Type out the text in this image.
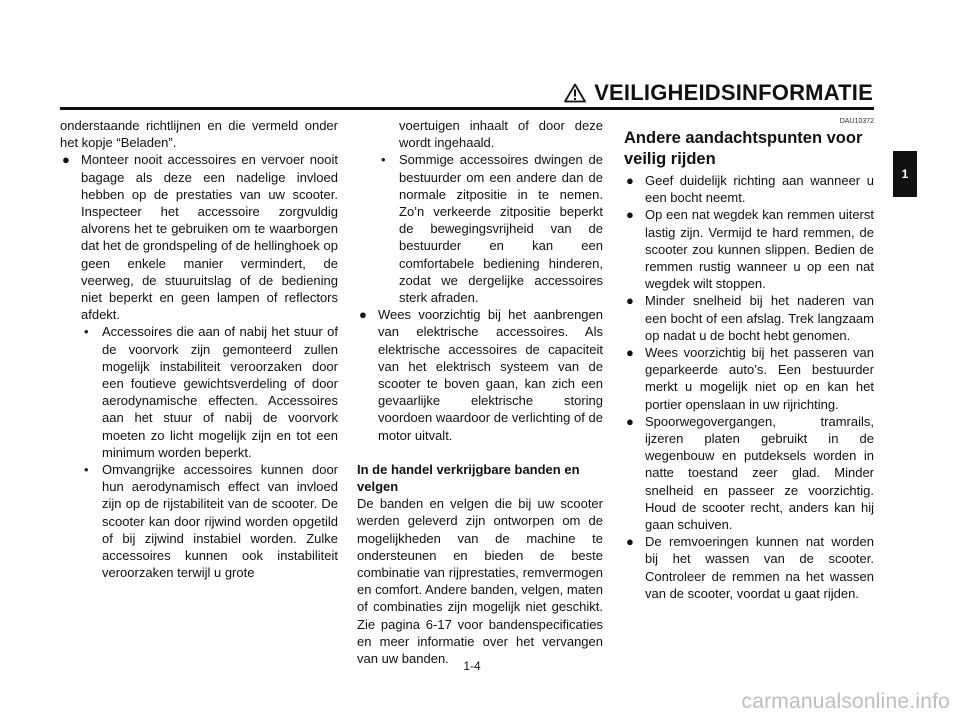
VEILIGHEIDSINFORMATIE

onderstaande richtlijnen en die vermeld onder het kopje “Beladen”.

● Monteer nooit accessoires en vervoer nooit bagage als deze een nadelige invloed hebben op de prestaties van uw scooter. Inspecteer het accessoire zorgvuldig alvorens het te gebruiken om te waarborgen dat het de grondspeling of de hellinghoek op geen enkele manier vermindert, de veerweg, de stuuruitslag of de bediening niet beperkt en geen lampen of reflectors afdekt.

• Accessoires die aan of nabij het stuur of de voorvork zijn gemonteerd zullen mogelijk instabiliteit veroorzaken door een foutieve gewichtsverdeling of door aerodynamische effecten. Accessoires aan het stuur of nabij de voorvork moeten zo licht mogelijk zijn en tot een minimum worden beperkt.

• Omvangrijke accessoires kunnen door hun aerodynamisch effect van invloed zijn op de rijstabiliteit van de scooter. De scooter kan door rijwind worden opgetild of bij zijwind instabiel worden. Zulke accessoires kunnen ook instabiliteit veroorzaken terwijl u grote

voertuigen inhaalt of door deze wordt ingehaald.

• Sommige accessoires dwingen de bestuurder om een andere dan de normale zitpositie in te nemen. Zo’n verkeerde zitpositie beperkt de bewegingsvrijheid van de bestuurder en kan een comfortabele bediening hinderen, zodat we dergelijke accessoires sterk afraden.

● Wees voorzichtig bij het aanbrengen van elektrische accessoires. Als elektrische accessoires de capaciteit van het elektrisch systeem van de scooter te boven gaan, kan zich een gevaarlijke elektrische storing voordoen waardoor de verlichting of de motor uitvalt.

In de handel verkrijgbare banden en velgen

De banden en velgen die bij uw scooter werden geleverd zijn ontworpen om de mogelijkheden van de machine te ondersteunen en bieden de beste combinatie van rijprestaties, remvermogen en comfort. Andere banden, velgen, maten of combinaties zijn mogelijk niet geschikt. Zie pagina 6-17 voor bandenspecificaties en meer informatie over het vervangen van uw banden.

DAU10372

Andere aandachtspunten voor veilig rijden

● Geef duidelijk richting aan wanneer u een bocht neemt.

● Op een nat wegdek kan remmen uiterst lastig zijn. Vermijd te hard remmen, de scooter zou kunnen slippen. Bedien de remmen rustig wanneer u op een nat wegdek wilt stoppen.

● Minder snelheid bij het naderen van een bocht of een afslag. Trek langzaam op nadat u de bocht hebt genomen.

● Wees voorzichtig bij het passeren van geparkeerde auto’s. Een bestuurder merkt u mogelijk niet op en kan het portier openslaan in uw rijrichting.

● Spoorwegovergangen, tramrails, ijzeren platen gebruikt in de wegenbouw en putdeksels worden in natte toestand zeer glad. Minder snelheid en passeer ze voorzichtig. Houd de scooter recht, anders kan hij gaan schuiven.

● De remvoeringen kunnen nat worden bij het wassen van de scooter. Controleer de remmen na het wassen van de scooter, voordat u gaat rijden.

1-4
1
carmanualsonline.info
